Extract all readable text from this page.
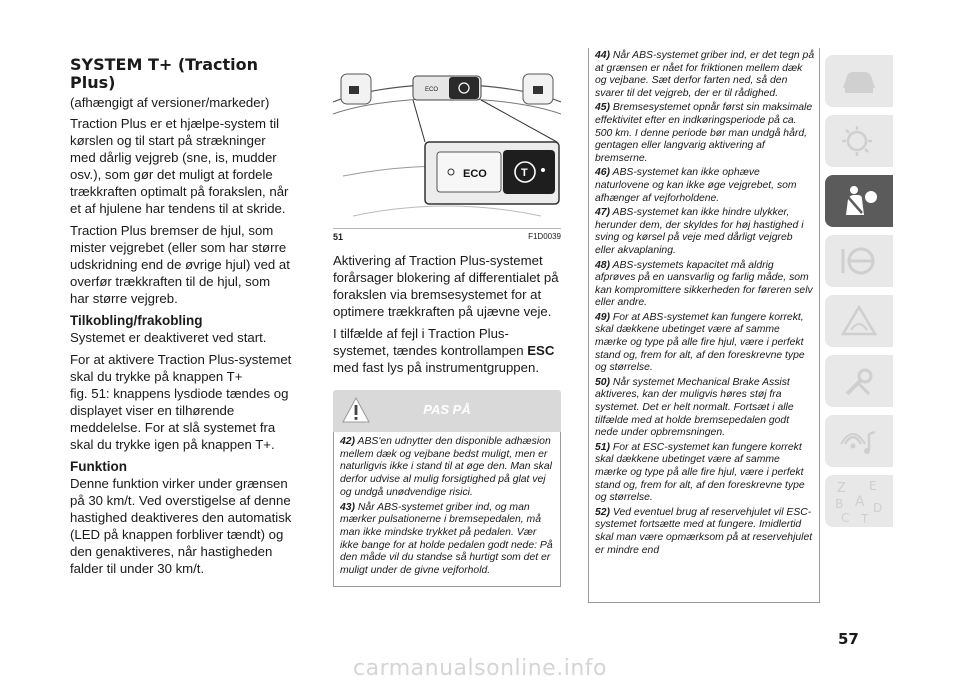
SYSTEM T+ (Traction Plus)
(afhængigt af versioner/markeder)

Traction Plus er et hjælpe-system til kørslen og til start på strækninger med dårlig vejgreb (sne, is, mudder osv.), som gør det muligt at fordele trækkraften optimalt på forakslen, når et af hjulene har tendens til at skride.

Traction Plus bremser de hjul, som mister vejgrebet (eller som har større udskridning end de øvrige hjul) ved at overfør trækkraften til de hjul, som har større vejgreb.

Tilkobling/frakobling

Systemet er deaktiveret ved start.

For at aktivere Traction Plus-systemet skal du trykke på knappen T+

fig. 51: knappens lysdiode tændes og displayet viser en tilhørende meddelelse. For at slå systemet fra skal du trykke igen på knappen T+.

Funktion

Denne funktion virker under grænsen på 30 km/t. Ved overstigelse af denne hastighed deaktiveres den automatisk (LED på knappen forbliver tændt) og den genaktiveres, når hastigheden falder til under 30 km/t.

ECO
ECO	T
51	F1D0039

Aktivering af Traction Plus-systemet forårsager blokering af differentialet på forakslen via bremsesystemet for at optimere trækkraften på ujævne veje.

I tilfælde af fejl i Traction Plus-systemet, tændes kontrollampen ESC med fast lys på instrumentgruppen.

PAS PÅ
42) ABS'en udnytter den disponible adhæsion mellem dæk og vejbane bedst muligt, men er naturligvis ikke i stand til at øge den. Man skal derfor udvise al mulig forsigtighed på glat vej og undgå unødvendige risici.
43) Når ABS-systemet griber ind, og man mærker pulsationerne i bremsepedalen, må man ikke mindske trykket på pedalen. Vær ikke bange for at holde pedalen godt nede: På den måde vil du standse så hurtigt som det er muligt under de givne vejforhold.
44) Når ABS-systemet griber ind, er det tegn på at grænsen er nået for friktionen mellem dæk og vejbane. Sæt derfor farten ned, så den svarer til det vejgreb, der er til rådighed.
45) Bremsesystemet opnår først sin maksimale effektivitet efter en indkøringsperiode på ca. 500 km. I denne periode bør man undgå hård, gentagen eller langvarig aktivering af bremserne.
46) ABS-systemet kan ikke ophæve naturlovene og kan ikke øge vejgrebet, som afhænger af vejforholdene.
47) ABS-systemet kan ikke hindre ulykker, herunder dem, der skyldes for høj hastighed i sving og kørsel på veje med dårligt vejgreb eller akvaplaning.
48) ABS-systemets kapacitet må aldrig afprøves på en uansvarlig og farlig måde, som kan kompromittere sikkerheden for føreren selv eller andre.
49) For at ABS-systemet kan fungere korrekt, skal dækkene ubetinget være af samme mærke og type på alle fire hjul, være i perfekt stand og, frem for alt, af den foreskrevne type og størrelse.
50) Når systemet Mechanical Brake Assist aktiveres, kan der muligvis høres støj fra systemet. Det er helt normalt. Fortsæt i alle tilfælde med at holde bremsepedalen godt nede under opbremsningen.
51) For at ESC-systemet kan fungere korrekt skal dækkene ubetinget være af samme mærke og type på alle fire hjul, være i perfekt stand og, frem for alt, af den foreskrevne type og størrelse.
52) Ved eventuel brug af reservehjulet vil ESC-systemet fortsætte med at fungere. Imidlertid skal man være opmærksom på at reservehjulet er mindre end
Z E
B A
C
D
T
57
carmanualsonline.info
